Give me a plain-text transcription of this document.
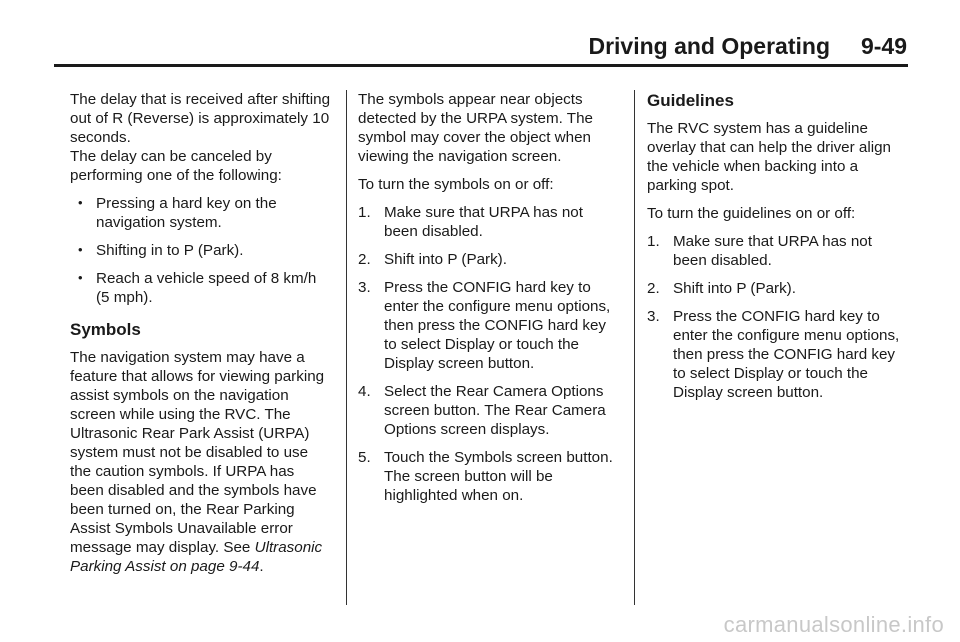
Driving and Operating 9-49

The delay that is received after shifting out of R (Reverse) is approximately 10 seconds.

The delay can be canceled by performing one of the following:

• Pressing a hard key on the navigation system.
• Shifting in to P (Park).
• Reach a vehicle speed of 8 km/h (5 mph).
Symbols

The navigation system may have a feature that allows for viewing parking assist symbols on the navigation screen while using the RVC. The Ultrasonic Rear Park Assist (URPA) system must not be disabled to use the caution symbols. If URPA has been disabled and the symbols have been turned on, the Rear Parking Assist Symbols Unavailable error message may display. See Ultrasonic Parking Assist on page 9-44.

The symbols appear near objects detected by the URPA system. The symbol may cover the object when viewing the navigation screen.

To turn the symbols on or off:

1. Make sure that URPA has not been disabled.
2. Shift into P (Park).
3. Press the CONFIG hard key to enter the configure menu options, then press the CONFIG hard key to select Display or touch the Display screen button.
4. Select the Rear Camera Options screen button. The Rear Camera Options screen displays.
5. Touch the Symbols screen button. The screen button will be highlighted when on.
Guidelines

The RVC system has a guideline overlay that can help the driver align the vehicle when backing into a parking spot.

To turn the guidelines on or off:

1. Make sure that URPA has not been disabled.
2. Shift into P (Park).
3. Press the CONFIG hard key to enter the configure menu options, then press the CONFIG hard key to select Display or touch the Display screen button.
carmanualsonline.info
